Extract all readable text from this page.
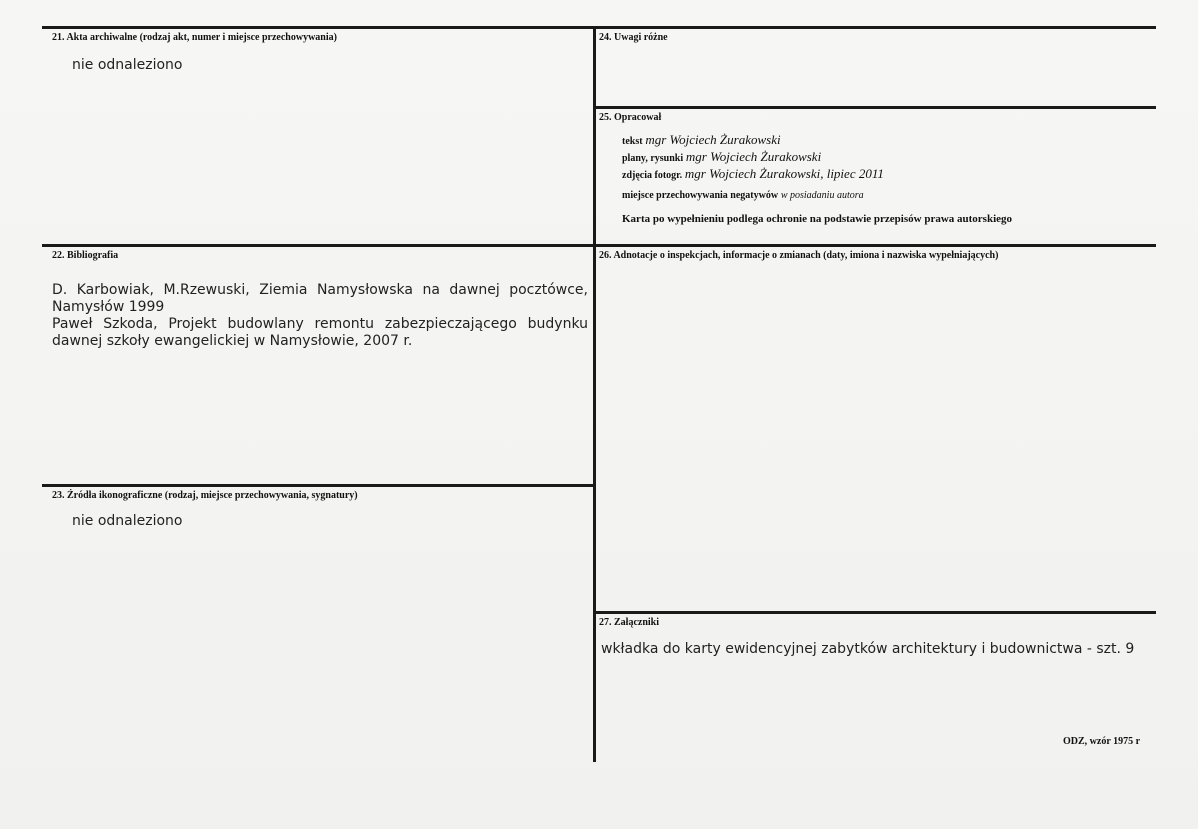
21. Akta archiwalne (rodzaj akt, numer i miejsce przechowywania)
nie odnaleziono
24. Uwagi różne
25. Opracował
tekst mgr Wojciech Żurakowski
plany, rysunki mgr Wojciech Żurakowski
zdjęcia fotogr. mgr Wojciech Żurakowski, lipiec 2011
miejsce przechowywania negatywów w posiadaniu autora
Karta po wypełnieniu podlega ochronie na podstawie przepisów prawa autorskiego
22. Bibliografia
D. Karbowiak, M.Rzewuski, Ziemia Namysłowska na dawnej pocztówce, Namysłów 1999
Paweł Szkoda, Projekt budowlany remontu zabezpieczającego budynku dawnej szkoły ewangelickiej w Namysłowie, 2007 r.
26. Adnotacje o inspekcjach, informacje o zmianach (daty, imiona i nazwiska wypełniających)
23. Źródła ikonograficzne (rodzaj, miejsce przechowywania, sygnatury)
nie odnaleziono
27. Załączniki
wkładka do karty ewidencyjnej zabytków architektury i budownictwa - szt. 9
ODZ, wzór 1975 r
